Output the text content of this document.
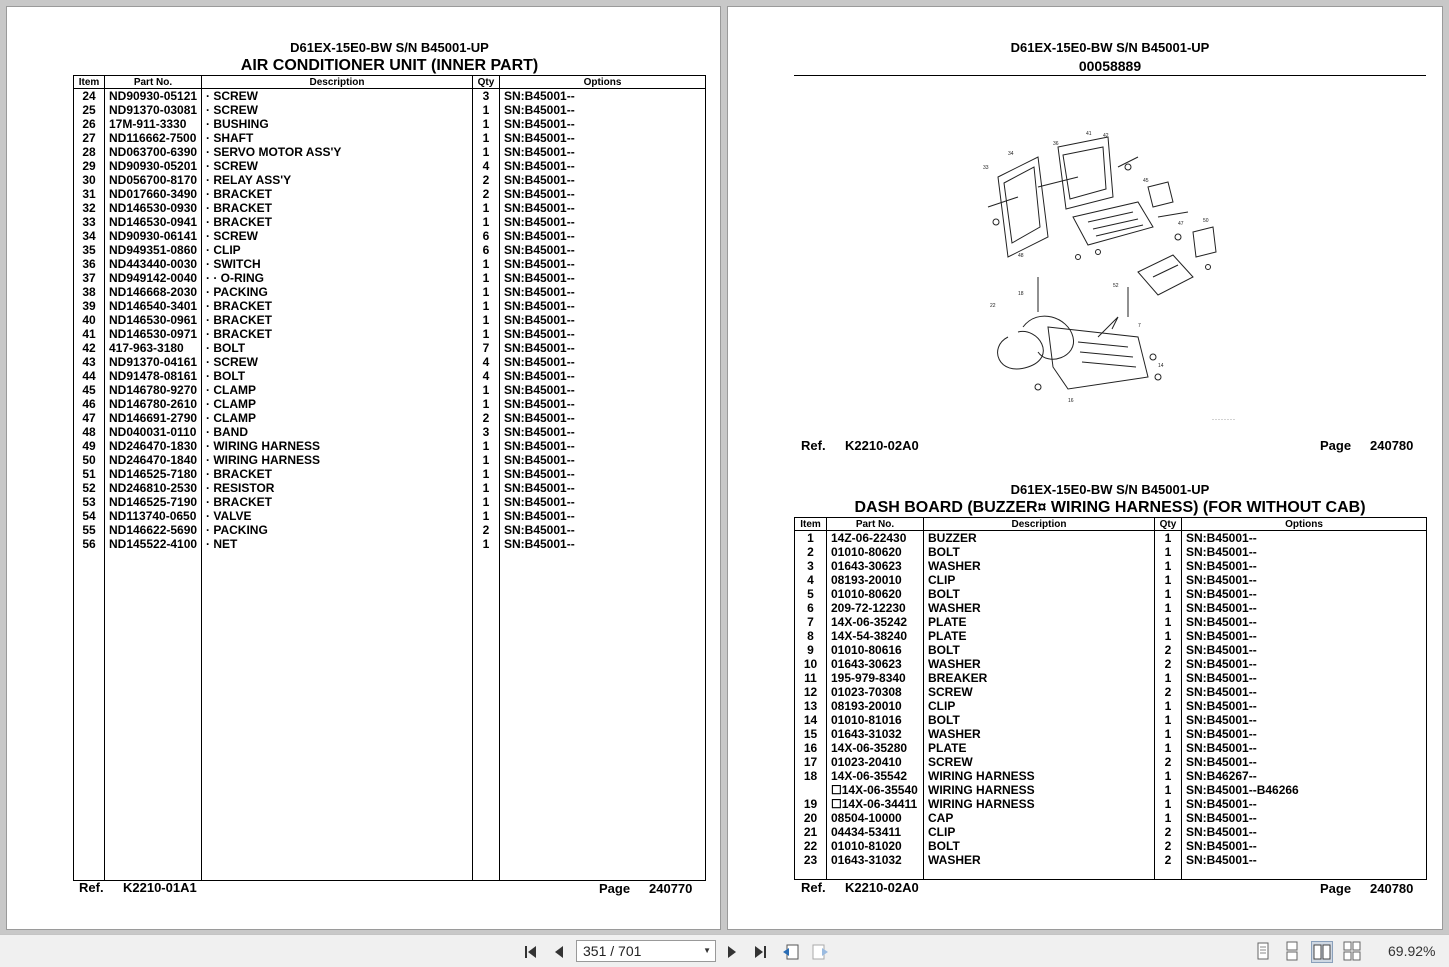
D61EX-15E0-BW S/N B45001-UP
AIR CONDITIONER UNIT (INNER PART)
Item	Part No.	Description	Qty	Options
24	ND90930-05121	· SCREW	3	SN:B45001--
25	ND91370-03081	· SCREW	1	SN:B45001--
26	17M-911-3330	· BUSHING	1	SN:B45001--
27	ND116662-7500	· SHAFT	1	SN:B45001--
28	ND063700-6390	· SERVO MOTOR ASS'Y	1	SN:B45001--
29	ND90930-05201	· SCREW	4	SN:B45001--
30	ND056700-8170	· RELAY ASS'Y	2	SN:B45001--
31	ND017660-3490	· BRACKET	2	SN:B45001--
32	ND146530-0930	· BRACKET	1	SN:B45001--
33	ND146530-0941	· BRACKET	1	SN:B45001--
34	ND90930-06141	· SCREW	6	SN:B45001--
35	ND949351-0860	· CLIP	6	SN:B45001--
36	ND443440-0030	· SWITCH	1	SN:B45001--
37	ND949142-0040	· · O-RING	1	SN:B45001--
38	ND146668-2030	· PACKING	1	SN:B45001--
39	ND146540-3401	· BRACKET	1	SN:B45001--
40	ND146530-0961	· BRACKET	1	SN:B45001--
41	ND146530-0971	· BRACKET	1	SN:B45001--
42	417-963-3180	· BOLT	7	SN:B45001--
43	ND91370-04161	· SCREW	4	SN:B45001--
44	ND91478-08161	· BOLT	4	SN:B45001--
45	ND146780-9270	· CLAMP	1	SN:B45001--
46	ND146780-2610	· CLAMP	1	SN:B45001--
47	ND146691-2790	· CLAMP	2	SN:B45001--
48	ND040031-0110	· BAND	3	SN:B45001--
49	ND246470-1830	· WIRING HARNESS	1	SN:B45001--
50	ND246470-1840	· WIRING HARNESS	1	SN:B45001--
51	ND146525-7180	· BRACKET	1	SN:B45001--
52	ND246810-2530	· RESISTOR	1	SN:B45001--
53	ND146525-7190	· BRACKET	1	SN:B45001--
54	ND113740-0650	· VALVE	1	SN:B45001--
55	ND146622-5690	· PACKING	2	SN:B45001--
56	ND145522-4100	· NET	1	SN:B45001--

Ref. K2210-01A1	Page 240770
D61EX-15E0-BW S/N B45001-UP
00058889
33
34
36
41 42
45
47	50
22
18
7
14
16
48
52
········
Ref. K2210-02A0	Page 240780
D61EX-15E0-BW S/N B45001-UP
DASH BOARD (BUZZER¤ WIRING HARNESS) (FOR WITHOUT CAB)
Item	Part No.	Description	Qty	Options
1	14Z-06-22430	BUZZER	1	SN:B45001--
2	01010-80620	BOLT	1	SN:B45001--
3	01643-30623	WASHER	1	SN:B45001--
4	08193-20010	CLIP	1	SN:B45001--
5	01010-80620	BOLT	1	SN:B45001--
6	209-72-12230	WASHER	1	SN:B45001--
7	14X-06-35242	PLATE	1	SN:B45001--
8	14X-54-38240	PLATE	1	SN:B45001--
9	01010-80616	BOLT	2	SN:B45001--
10	01643-30623	WASHER	2	SN:B45001--
11	195-979-8340	BREAKER	1	SN:B45001--
12	01023-70308	SCREW	2	SN:B45001--
13	08193-20010	CLIP	1	SN:B45001--
14	01010-81016	BOLT	1	SN:B45001--
15	01643-31032	WASHER	1	SN:B45001--
16	14X-06-35280	PLATE	1	SN:B45001--
17	01023-20410	SCREW	2	SN:B45001--
18	14X-06-35542	WIRING HARNESS	1	SN:B46267--
	☐14X-06-35540	WIRING HARNESS	1	SN:B45001--B46266
19	☐14X-06-34411	WIRING HARNESS	1	SN:B45001--
20	08504-10000	CAP	1	SN:B45001--
21	04434-53411	CLIP	2	SN:B45001--
22	01010-81020	BOLT	2	SN:B45001--
23	01643-31032	WASHER	2	SN:B45001--

Ref. K2210-02A0	Page 240780
351 / 701	▼	69.92%
